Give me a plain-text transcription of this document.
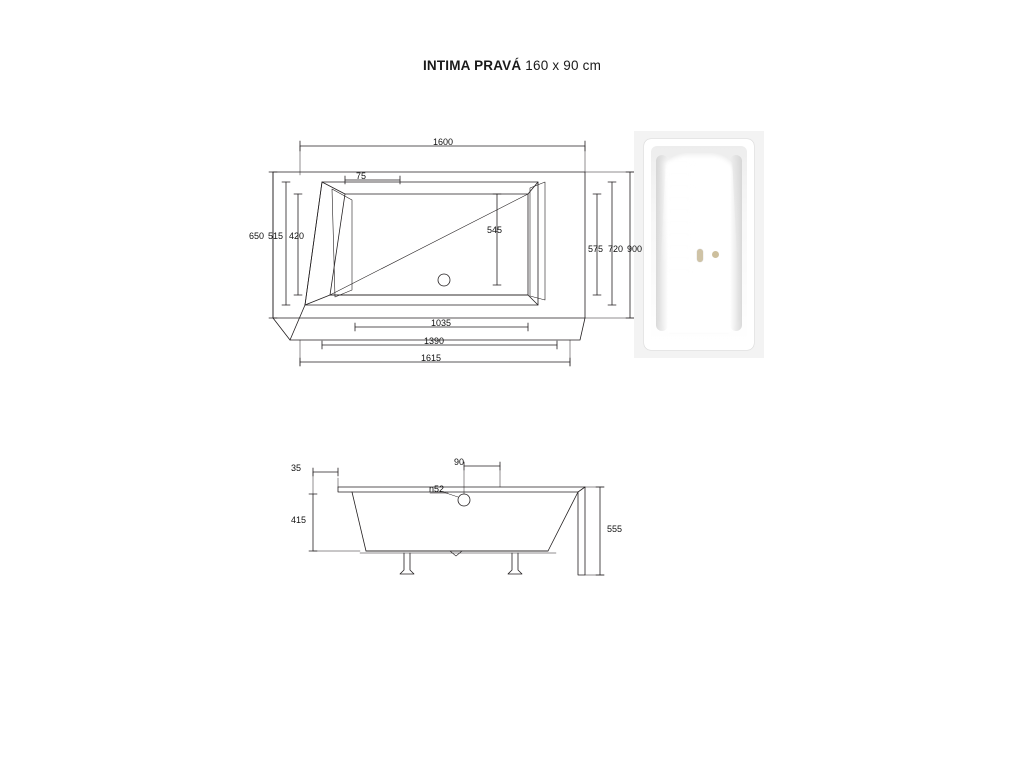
INTIMA PRAVÁ 160 x 90 cm
1600
75
650 515 420
545
575 720 900
1035
1390
1615
35
90
n52
415
555
